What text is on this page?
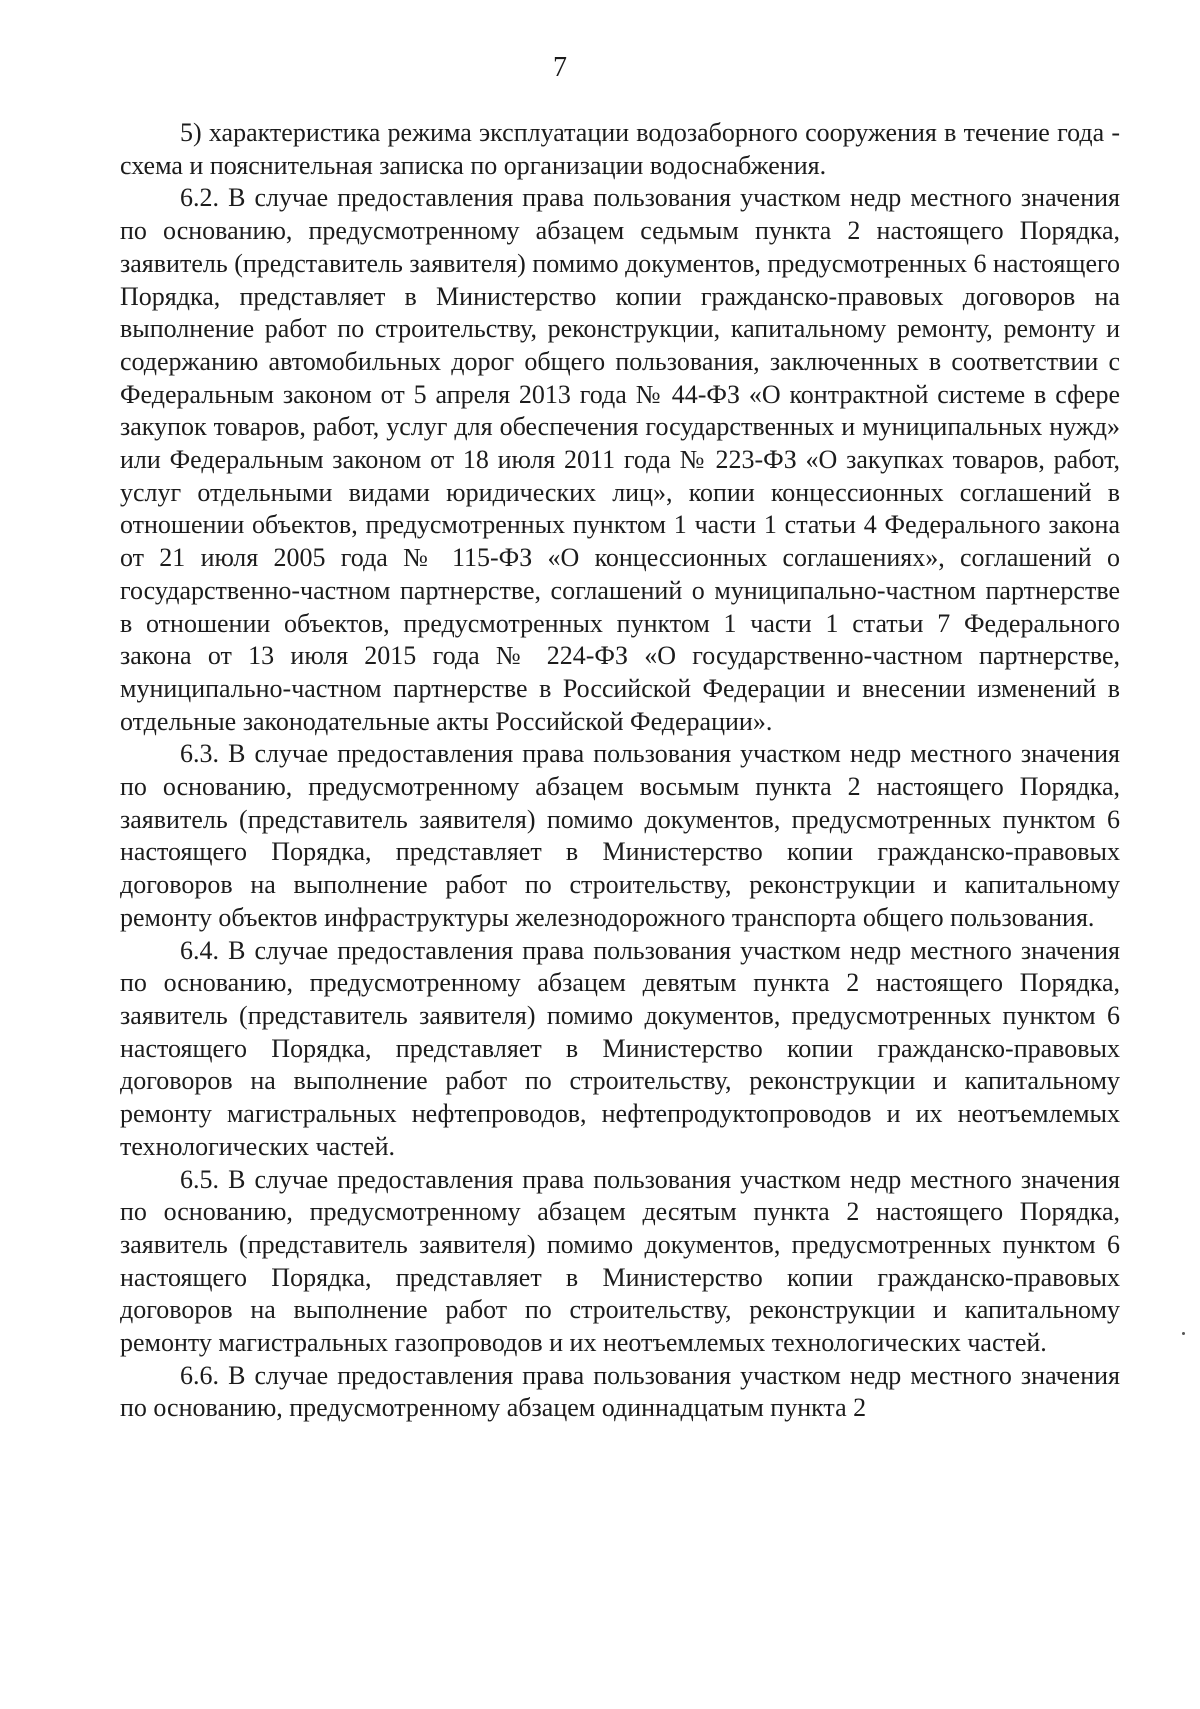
7

5) характеристика режима эксплуатации водозаборного сооружения в течение года - схема и пояснительная записка по организации водоснабжения.

6.2. В случае предоставления права пользования участком недр местного значения по основанию, предусмотренному абзацем седьмым пункта 2 настоящего Порядка, заявитель (представитель заявителя) помимо документов, предусмотренных 6 настоящего Порядка, представляет в Министерство копии гражданско-правовых договоров на выполнение работ по строительству, реконструкции, капитальному ремонту, ремонту и содержанию автомобильных дорог общего пользования, заключенных в соответствии с Федеральным законом от 5 апреля 2013 года № 44-ФЗ «О контрактной системе в сфере закупок товаров, работ, услуг для обеспечения государственных и муниципальных нужд» или Федеральным законом от 18 июля 2011 года № 223-ФЗ «О закупках товаров, работ, услуг отдельными видами юридических лиц», копии концессионных соглашений в отношении объектов, предусмотренных пунктом 1 части 1 статьи 4 Федерального закона от 21 июля 2005 года № 115-ФЗ «О концессионных соглашениях», соглашений о государственно-частном партнерстве, соглашений о муниципально-частном партнерстве в отношении объектов, предусмотренных пунктом 1 части 1 статьи 7 Федерального закона от 13 июля 2015 года № 224-ФЗ «О государственно-частном партнерстве, муниципально-частном партнерстве в Российской Федерации и внесении изменений в отдельные законодательные акты Российской Федерации».

6.3. В случае предоставления права пользования участком недр местного значения по основанию, предусмотренному абзацем восьмым пункта 2 настоящего Порядка, заявитель (представитель заявителя) помимо документов, предусмотренных пунктом 6 настоящего Порядка, представляет в Министерство копии гражданско-правовых договоров на выполнение работ по строительству, реконструкции и капитальному ремонту объектов инфраструктуры железнодорожного транспорта общего пользования.

6.4. В случае предоставления права пользования участком недр местного значения по основанию, предусмотренному абзацем девятым пункта 2 настоящего Порядка, заявитель (представитель заявителя) помимо документов, предусмотренных пунктом 6 настоящего Порядка, представляет в Министерство копии гражданско-правовых договоров на выполнение работ по строительству, реконструкции и капитальному ремонту магистральных нефтепроводов, нефтепродуктопроводов и их неотъемлемых технологических частей.

6.5. В случае предоставления права пользования участком недр местного значения по основанию, предусмотренному абзацем десятым пункта 2 настоящего Порядка, заявитель (представитель заявителя) помимо документов, предусмотренных пунктом 6 настоящего Порядка, представляет в Министерство копии гражданско-правовых договоров на выполнение работ по строительству, реконструкции и капитальному ремонту магистральных газопроводов и их неотъемлемых технологических частей.

6.6. В случае предоставления права пользования участком недр местного значения по основанию, предусмотренному абзацем одиннадцатым пункта 2
